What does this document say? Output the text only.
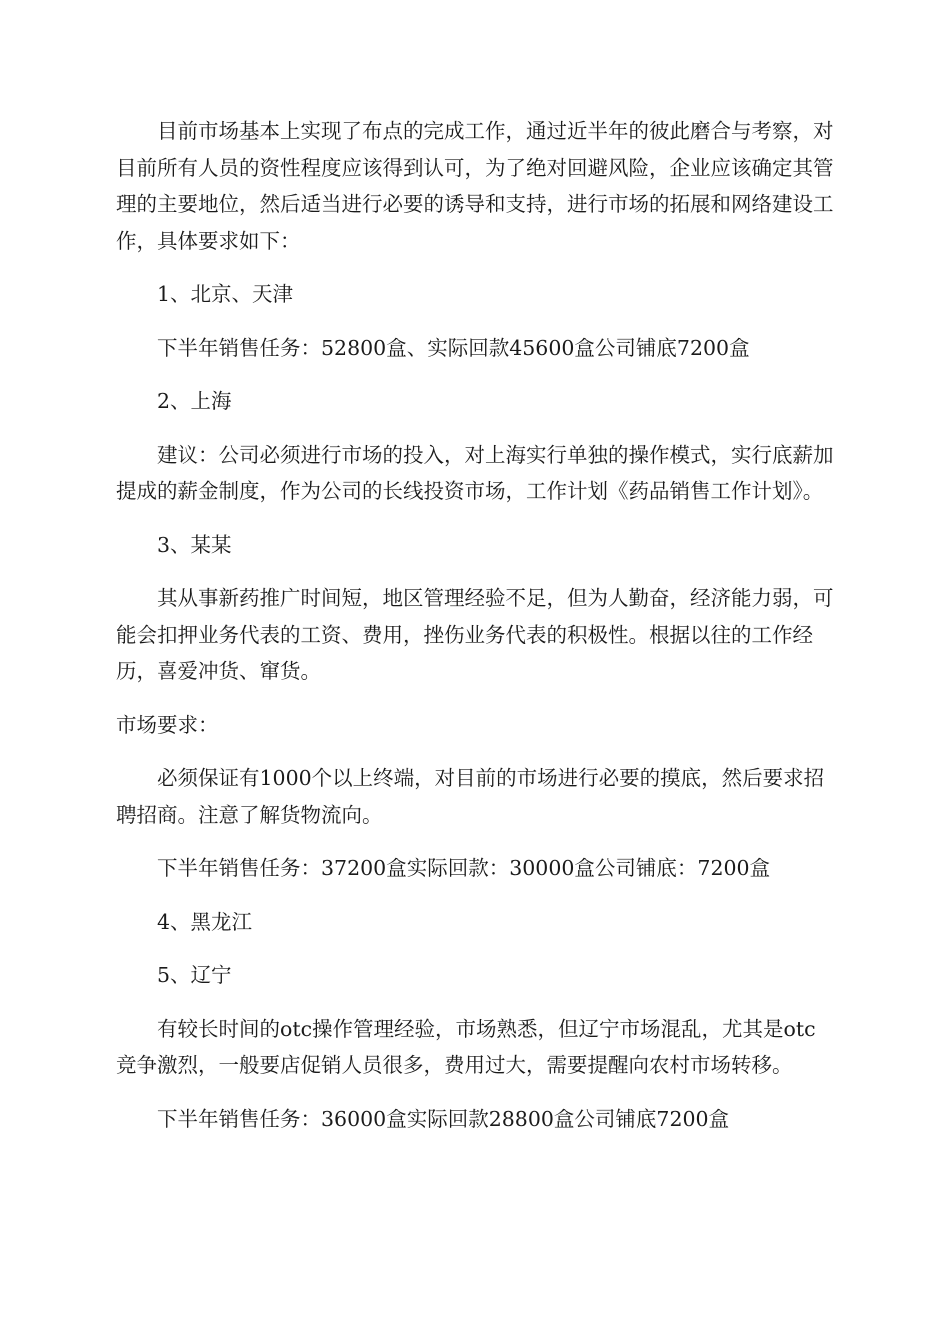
目前市场基本上实现了布点的完成工作，通过近半年的彼此磨合与考察，对目前所有人员的资性程度应该得到认可，为了绝对回避风险，企业应该确定其管理的主要地位，然后适当进行必要的诱导和支持，进行市场的拓展和网络建设工作，具体要求如下：

1、北京、天津

下半年销售任务：52800盒、实际回款45600盒公司铺底7200盒

2、上海

建议：公司必须进行市场的投入，对上海实行单独的操作模式，实行底薪加提成的薪金制度，作为公司的长线投资市场，工作计划《药品销售工作计划》。

3、某某

其从事新药推广时间短，地区管理经验不足，但为人勤奋，经济能力弱，可能会扣押业务代表的工资、费用，挫伤业务代表的积极性。根据以往的工作经历，喜爱冲货、窜货。

市场要求：

必须保证有1000个以上终端，对目前的市场进行必要的摸底，然后要求招聘招商。注意了解货物流向。

下半年销售任务：37200盒实际回款：30000盒公司铺底：7200盒

4、黑龙江

5、辽宁

有较长时间的otc操作管理经验，市场熟悉，但辽宁市场混乱，尤其是otc竞争激烈，一般要店促销人员很多，费用过大，需要提醒向农村市场转移。

下半年销售任务：36000盒实际回款28800盒公司铺底7200盒
